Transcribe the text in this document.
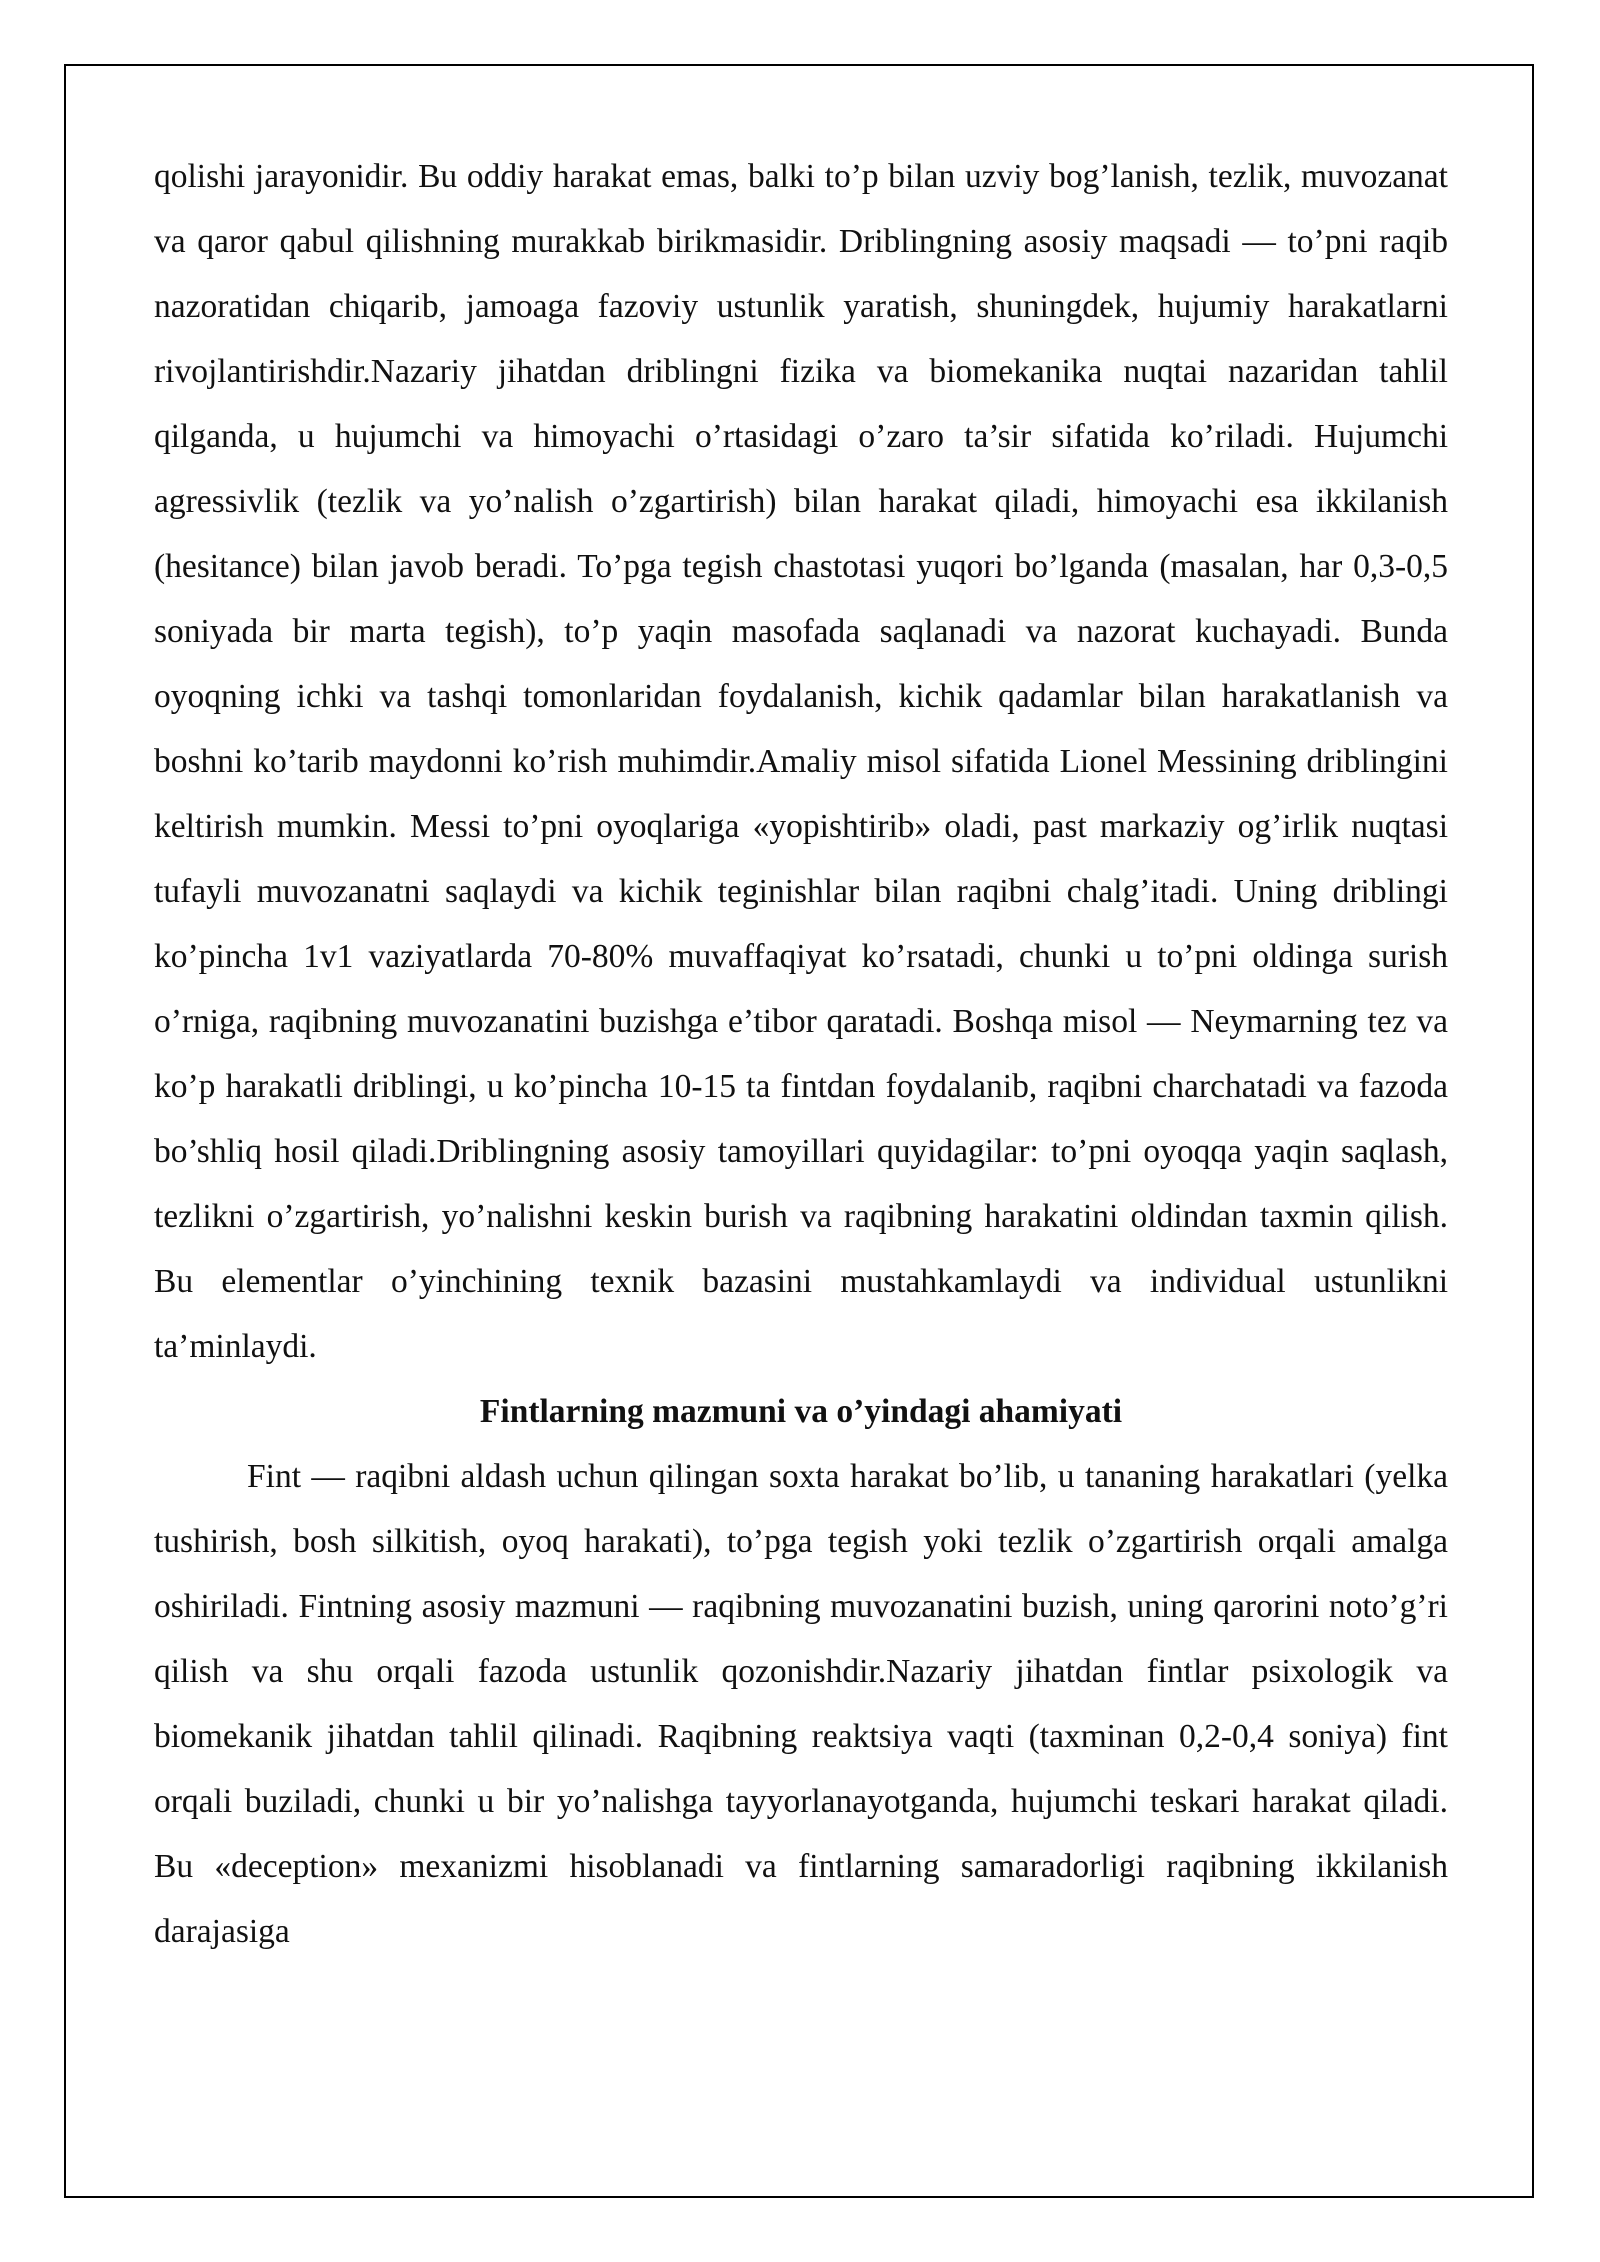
qolishi jarayonidir. Bu oddiy harakat emas, balki to’p bilan uzviy bog’lanish, tezlik, muvozanat va qaror qabul qilishning murakkab birikmasidir. Driblingning asosiy maqsadi — to’pni raqib nazoratidan chiqarib, jamoaga fazoviy ustunlik yaratish, shuningdek, hujumiy harakatlarni rivojlantirishdir.Nazariy jihatdan driblingni fizika va biomekanika nuqtai nazaridan tahlil qilganda, u hujumchi va himoyachi o’rtasidagi o’zaro ta’sir sifatida ko’riladi. Hujumchi agressivlik (tezlik va yo’nalish o’zgartirish) bilan harakat qiladi, himoyachi esa ikkilanish (hesitance) bilan javob beradi. To’pga tegish chastotasi yuqori bo’lganda (masalan, har 0,3-0,5 soniyada bir marta tegish), to’p yaqin masofada saqlanadi va nazorat kuchayadi. Bunda oyoqning ichki va tashqi tomonlaridan foydalanish, kichik qadamlar bilan harakatlanish va boshni ko’tarib maydonni ko’rish muhimdir.Amaliy misol sifatida Lionel Messining driblingini keltirish mumkin. Messi to’pni oyoqlariga «yopishtirib» oladi, past markaziy og’irlik nuqtasi tufayli muvozanatni saqlaydi va kichik teginishlar bilan raqibni chalg’itadi. Uning driblingi ko’pincha 1v1 vaziyatlarda 70-80% muvaffaqiyat ko’rsatadi, chunki u to’pni oldinga surish o’rniga, raqibning muvozanatini buzishga e’tibor qaratadi. Boshqa misol — Neymarning tez va ko’p harakatli driblingi, u ko’pincha 10-15 ta fintdan foydalanib, raqibni charchatadi va fazoda bo’shliq hosil qiladi.Driblingning asosiy tamoyillari quyidagilar: to’pni oyoqqa yaqin saqlash, tezlikni o’zgartirish, yo’nalishni keskin burish va raqibning harakatini oldindan taxmin qilish. Bu elementlar o’yinchining texnik bazasini mustahkamlaydi va individual ustunlikni ta’minlaydi.

Fintlarning mazmuni va o’yindagi ahamiyati

Fint — raqibni aldash uchun qilingan soxta harakat bo’lib, u tananing harakatlari (yelka tushirish, bosh silkitish, oyoq harakati), to’pga tegish yoki tezlik o’zgartirish orqali amalga oshiriladi. Fintning asosiy mazmuni — raqibning muvozanatini buzish, uning qarorini noto’g’ri qilish va shu orqali fazoda ustunlik qozonishdir.Nazariy jihatdan fintlar psixologik va biomekanik jihatdan tahlil qilinadi. Raqibning reaktsiya vaqti (taxminan 0,2-0,4 soniya) fint orqali buziladi, chunki u bir yo’nalishga tayyorlanayotganda, hujumchi teskari harakat qiladi. Bu «deception» mexanizmi hisoblanadi va fintlarning samaradorligi raqibning ikkilanish darajasiga
